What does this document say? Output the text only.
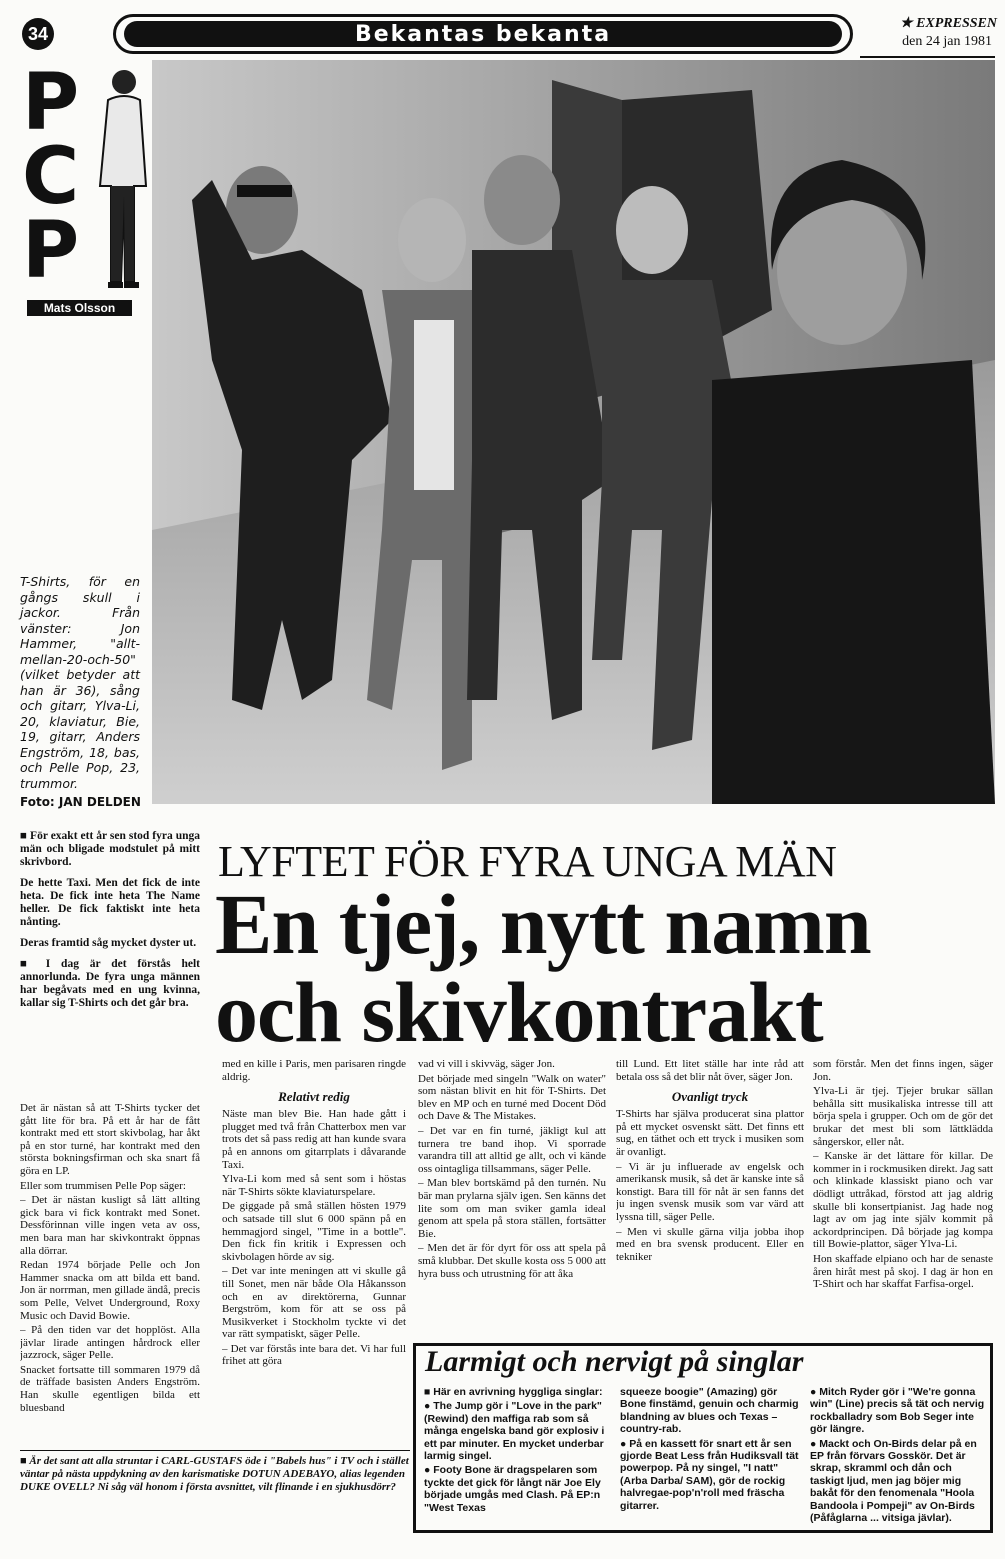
34	Bekantas bekanta	★ EXPRESSEN
den 24 jan 1981
P
C
P
Mats Olsson
T-Shirts, för en gångs skull i jackor. Från vänster: Jon Hammer, "allt-mellan-20-och-50" (vilket betyder att han är 36), sång och gitarr, Ylva-Li, 20, klaviatur, Bie, 19, gitarr, Anders Engström, 18, bas, och Pelle Pop, 23, trummor.
Foto: JAN DELDEN
LYFTET FÖR FYRA UNGA MÄN
En tjej, nytt namn
och skivkontrakt

■ För exakt ett år sen stod fyra unga män och bligade modstulet på mitt skrivbord.

De hette Taxi. Men det fick de inte heta. De fick inte heta The Name heller. De fick faktiskt inte heta nånting.

Deras framtid såg mycket dyster ut.

■ I dag är det förstås helt annorlunda. De fyra unga männen har begåvats med en ung kvinna, kallar sig T-Shirts och det går bra.

Det är nästan så att T-Shirts tycker det gått lite för bra. På ett år har de fått kontrakt med ett stort skivbolag, har åkt på en stor turné, har kontrakt med den största bokningsfirman och ska snart få göra en LP.

Eller som trummisen Pelle Pop säger:

– Det är nästan kusligt så lätt allting gick bara vi fick kontrakt med Sonet. Dessförinnan ville ingen veta av oss, men bara man har skivkontrakt öppnas alla dörrar.

Redan 1974 började Pelle och Jon Hammer snacka om att bilda ett band. Jon är norrman, men gillade ändå, precis som Pelle, Velvet Underground, Roxy Music och David Bowie.

– På den tiden var det hopplöst. Alla jävlar lirade antingen hårdrock eller jazzrock, säger Pelle.

Snacket fortsatte till sommaren 1979 då de träffade basisten Anders Engström. Han skulle egentligen bilda ett bluesband

med en kille i Paris, men parisaren ringde aldrig.

Relativt redig

Näste man blev Bie. Han hade gått i plugget med två från Chatterbox men var trots det så pass redig att han kunde svara på en annons om gitarrplats i dåvarande Taxi.

Ylva-Li kom med så sent som i höstas när T-Shirts sökte klaviaturspelare.

De giggade på små ställen hösten 1979 och satsade till slut 6 000 spänn på en hemmagjord singel, "Time in a bottle". Den fick fin kritik i Expressen och skivbolagen hörde av sig.

– Det var inte meningen att vi skulle gå till Sonet, men när både Ola Håkansson och en av direktörerna, Gunnar Bergström, kom för att se oss på Musikverket i Stockholm tyckte vi det var rätt sympatiskt, säger Pelle.

– Det var förstås inte bara det. Vi har full frihet att göra

vad vi vill i skivväg, säger Jon.

Det började med singeln "Walk on water" som nästan blivit en hit för T-Shirts. Det blev en MP och en turné med Docent Död och Dave & The Mistakes.

– Det var en fin turné, jäkligt kul att turnera tre band ihop. Vi sporrade varandra till att alltid ge allt, och vi kände oss ointagliga tillsammans, säger Pelle.

– Man blev bortskämd på den turnén. Nu bär man prylarna själv igen. Sen känns det lite som om man sviker gamla ideal genom att spela på stora ställen, fortsätter Bie.

– Men det är för dyrt för oss att spela på små klubbar. Det skulle kosta oss 5 000 att hyra buss och utrustning för att åka

till Lund. Ett litet ställe har inte råd att betala oss så det blir nåt över, säger Jon.

Ovanligt tryck

T-Shirts har själva producerat sina plattor på ett mycket osvenskt sätt. Det finns ett sug, en täthet och ett tryck i musiken som är ovanligt.

– Vi är ju influerade av engelsk och amerikansk musik, så det är kanske inte så konstigt. Bara till för nåt är sen fanns det ju ingen svensk musik som var värd att lyssna till, säger Pelle.

– Men vi skulle gärna vilja jobba ihop med en bra svensk producent. Eller en tekniker

som förstår. Men det finns ingen, säger Jon.

Ylva-Li är tjej. Tjejer brukar sällan behålla sitt musikaliska intresse till att börja spela i grupper. Och om de gör det brukar det mest bli som lättklädda sångerskor, eller nåt.

– Kanske är det lättare för killar. De kommer in i rockmusiken direkt. Jag satt och klinkade klassiskt piano och var dödligt uttråkad, förstod att jag aldrig skulle bli konsertpianist. Jag hade nog lagt av om jag inte själv kommit på ackordprincipen. Då började jag kompa till Bowie-plattor, säger Ylva-Li.

Hon skaffade elpiano och har de senaste åren hiråt mest på skoj. I dag är hon en T-Shirt och har skaffat Farfisa-orgel.

■ Är det sant att alla struntar i CARL-GUSTAFS öde i "Babels hus" i TV och i stället väntar på nästa uppdykning av den karismatiske DOTUN ADEBAYO, alias legenden DUKE OVELL? Ni såg väl honom i första avsnittet, vilt flinande i en sjukhusdörr?
Larmigt och nervigt på singlar

■ Här en avrivning hyggliga singlar:

● The Jump gör i "Love in the park" (Rewind) den maffiga rab som så många engelska band gör explosiv i ett par minuter. En mycket underbar larmig singel.

● Footy Bone är dragspelaren som tyckte det gick för långt när Joe Ely började umgås med Clash. På EP:n "West Texas

squeeze boogie" (Amazing) gör Bone finstämd, genuin och charmig blandning av blues och Texas – country-rab.

● På en kassett för snart ett år sen gjorde Beat Less från Hudiksvall tät powerpop. På ny singel, "I natt" (Arba Darba/ SAM), gör de rockig halvregae-pop'n'roll med fräscha gitarrer.

● Mitch Ryder gör i "We're gonna win" (Line) precis så tät och nervig rockballadry som Bob Seger inte gör längre.

● Mackt och On-Birds delar på en EP från förvars Gosskör. Det är skrap, skramml och dån och taskigt ljud, men jag böjer mig bakåt för den fenomenala "Hoola Bandoola i Pompeji" av On-Birds (Påfåglarna ... vitsiga jävlar).
